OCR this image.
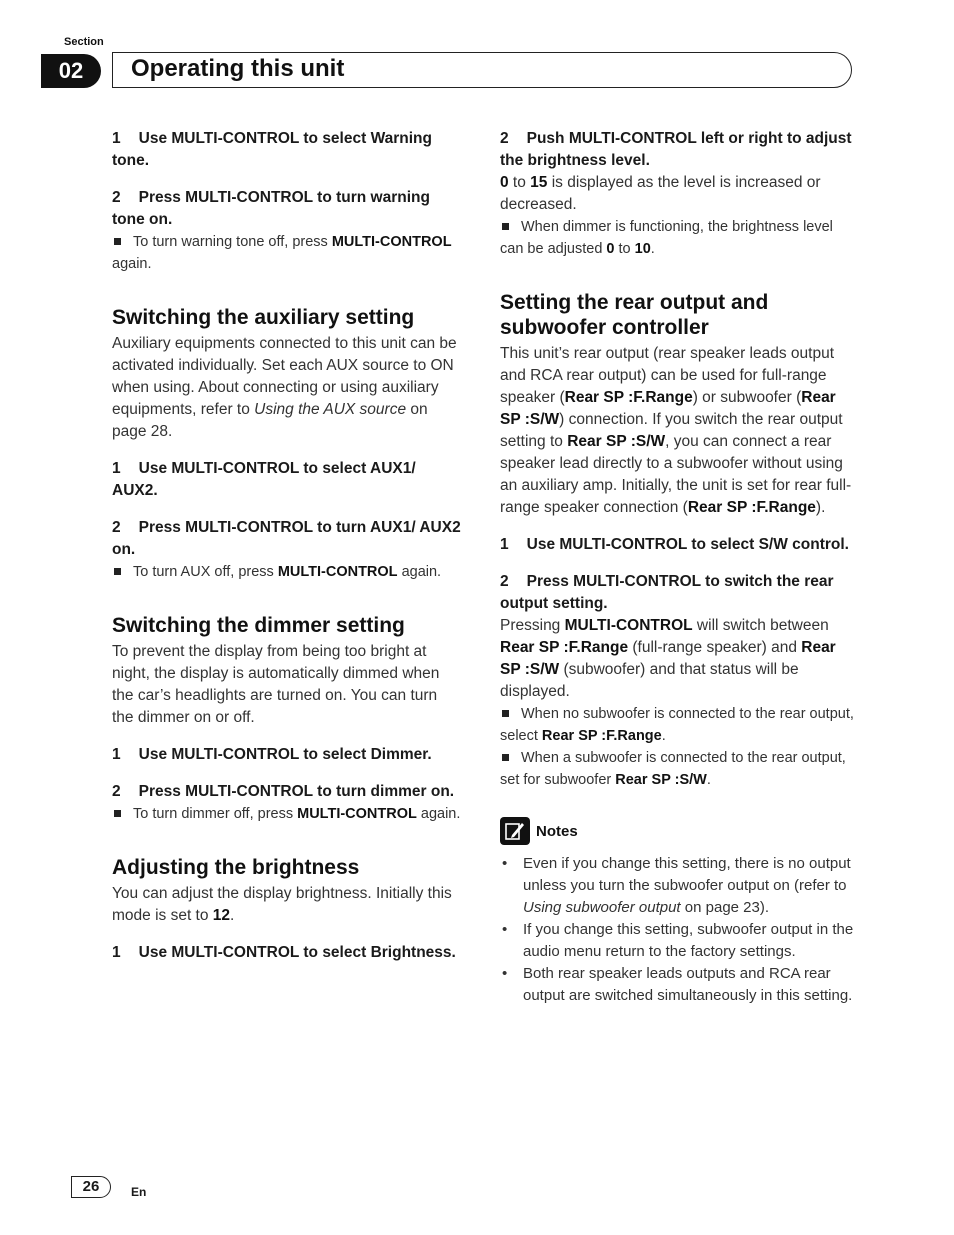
Section
02	Operating this unit
1 Use MULTI-CONTROL to select Warning tone.
2 Press MULTI-CONTROL to turn warning tone on.
To turn warning tone off, press MULTI-CONTROL again.
Switching the auxiliary setting
Auxiliary equipments connected to this unit can be activated individually. Set each AUX source to ON when using. About connecting or using auxiliary equipments, refer to Using the AUX source on page 28.
1 Use MULTI-CONTROL to select AUX1/ AUX2.
2 Press MULTI-CONTROL to turn AUX1/ AUX2 on.
To turn AUX off, press MULTI-CONTROL again.
Switching the dimmer setting
To prevent the display from being too bright at night, the display is automatically dimmed when the car’s headlights are turned on. You can turn the dimmer on or off.
1 Use MULTI-CONTROL to select Dimmer.
2 Press MULTI-CONTROL to turn dimmer on.
To turn dimmer off, press MULTI-CONTROL again.
Adjusting the brightness
You can adjust the display brightness. Initially this mode is set to 12.
1 Use MULTI-CONTROL to select Brightness.
2 Push MULTI-CONTROL left or right to adjust the brightness level.
0 to 15 is displayed as the level is increased or decreased.
When dimmer is functioning, the brightness level can be adjusted 0 to 10.
Setting the rear output and subwoofer controller
This unit’s rear output (rear speaker leads output and RCA rear output) can be used for full-range speaker (Rear SP :F.Range) or subwoofer (Rear SP :S/W) connection. If you switch the rear output setting to Rear SP :S/W, you can connect a rear speaker lead directly to a subwoofer without using an auxiliary amp. Initially, the unit is set for rear full-range speaker connection (Rear SP :F.Range).
1 Use MULTI-CONTROL to select S/W control.
2 Press MULTI-CONTROL to switch the rear output setting.
Pressing MULTI-CONTROL will switch between Rear SP :F.Range (full-range speaker) and Rear SP :S/W (subwoofer) and that status will be displayed.
When no subwoofer is connected to the rear output, select Rear SP :F.Range.
When a subwoofer is connected to the rear output, set for subwoofer Rear SP :S/W.
Notes
• Even if you change this setting, there is no output unless you turn the subwoofer output on (refer to Using subwoofer output on page 23).
• If you change this setting, subwoofer output in the audio menu return to the factory settings.
• Both rear speaker leads outputs and RCA rear output are switched simultaneously in this setting.
26	En
